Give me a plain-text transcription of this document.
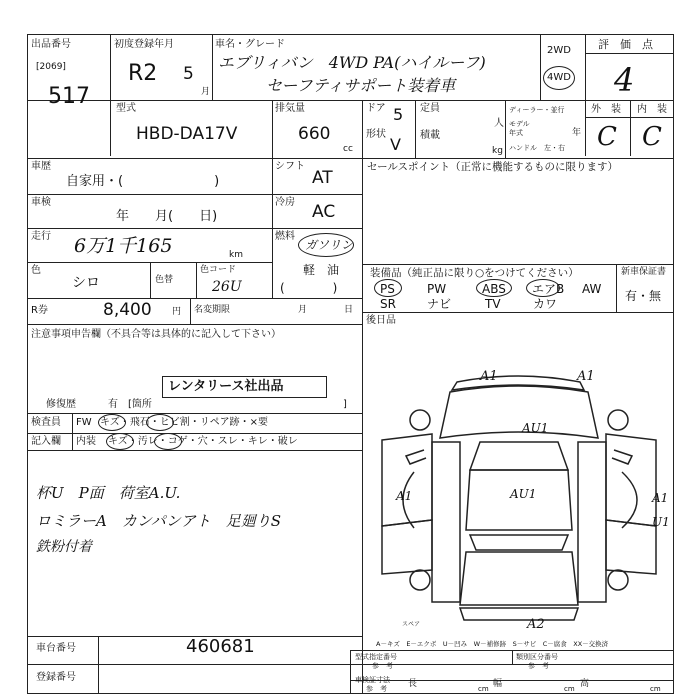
出品番号
[2069]
517
初度登録年月
R2 5
月
車名・グレード
エブリィバン　4WD PA(ハイルーフ)
セーフティサポート装着車
2WD
4WD
評　価　点
4
外　装 内　装
C C
型式
HBD-DA17V
排気量
660
cc
ドア 5
形状
V
定員
人
積載
kg
ディーラー・並行
モデル
年式	年
ハンドル　左・右
車歴
自家用・(　　　　　　　)
シフト
AT
セールスポイント（正常に機能するものに限ります）
車検
年　　月(　　日)
冷房 AC
走行 6万1千165	km
燃料
ガソリン
軽　油
色
シロ	色替
色コード
26U	(　　　　)
装備品（純正品に限り○をつけてください）
PS	PW	ABS エアB AW
SR	ナビ	TV	カワ
新車保証書
有・無
R券	8,400 円 名変期限	月	日
後日品
注意事項申告欄（不具合等は具体的に記入して下さい）
レンタリース社出品
修復歴	有　[箇所	]
検査員
記入欄
FW キズ・飛石・ヒビ割・リペア跡・×要
内装 キズ・汚レ・コゲ・穴・スレ・キレ・破レ
杯U　P面　荷室A.U.
ロミラーA　カンパンアト　足廻りS
鉄粉付着
スペア
A1	A1
AU1
AU1
A1	A1
U1
A2
A－キズ　E－エクボ　U－凹み　W－補修跡　S－サビ　C－腐食　XX－交換済
車台番号	460681
登録番号
型式指定番号
参　考
類別区分番号
参　考
車検証寸法
参　考 長	cm 幅	cm 高	cm
